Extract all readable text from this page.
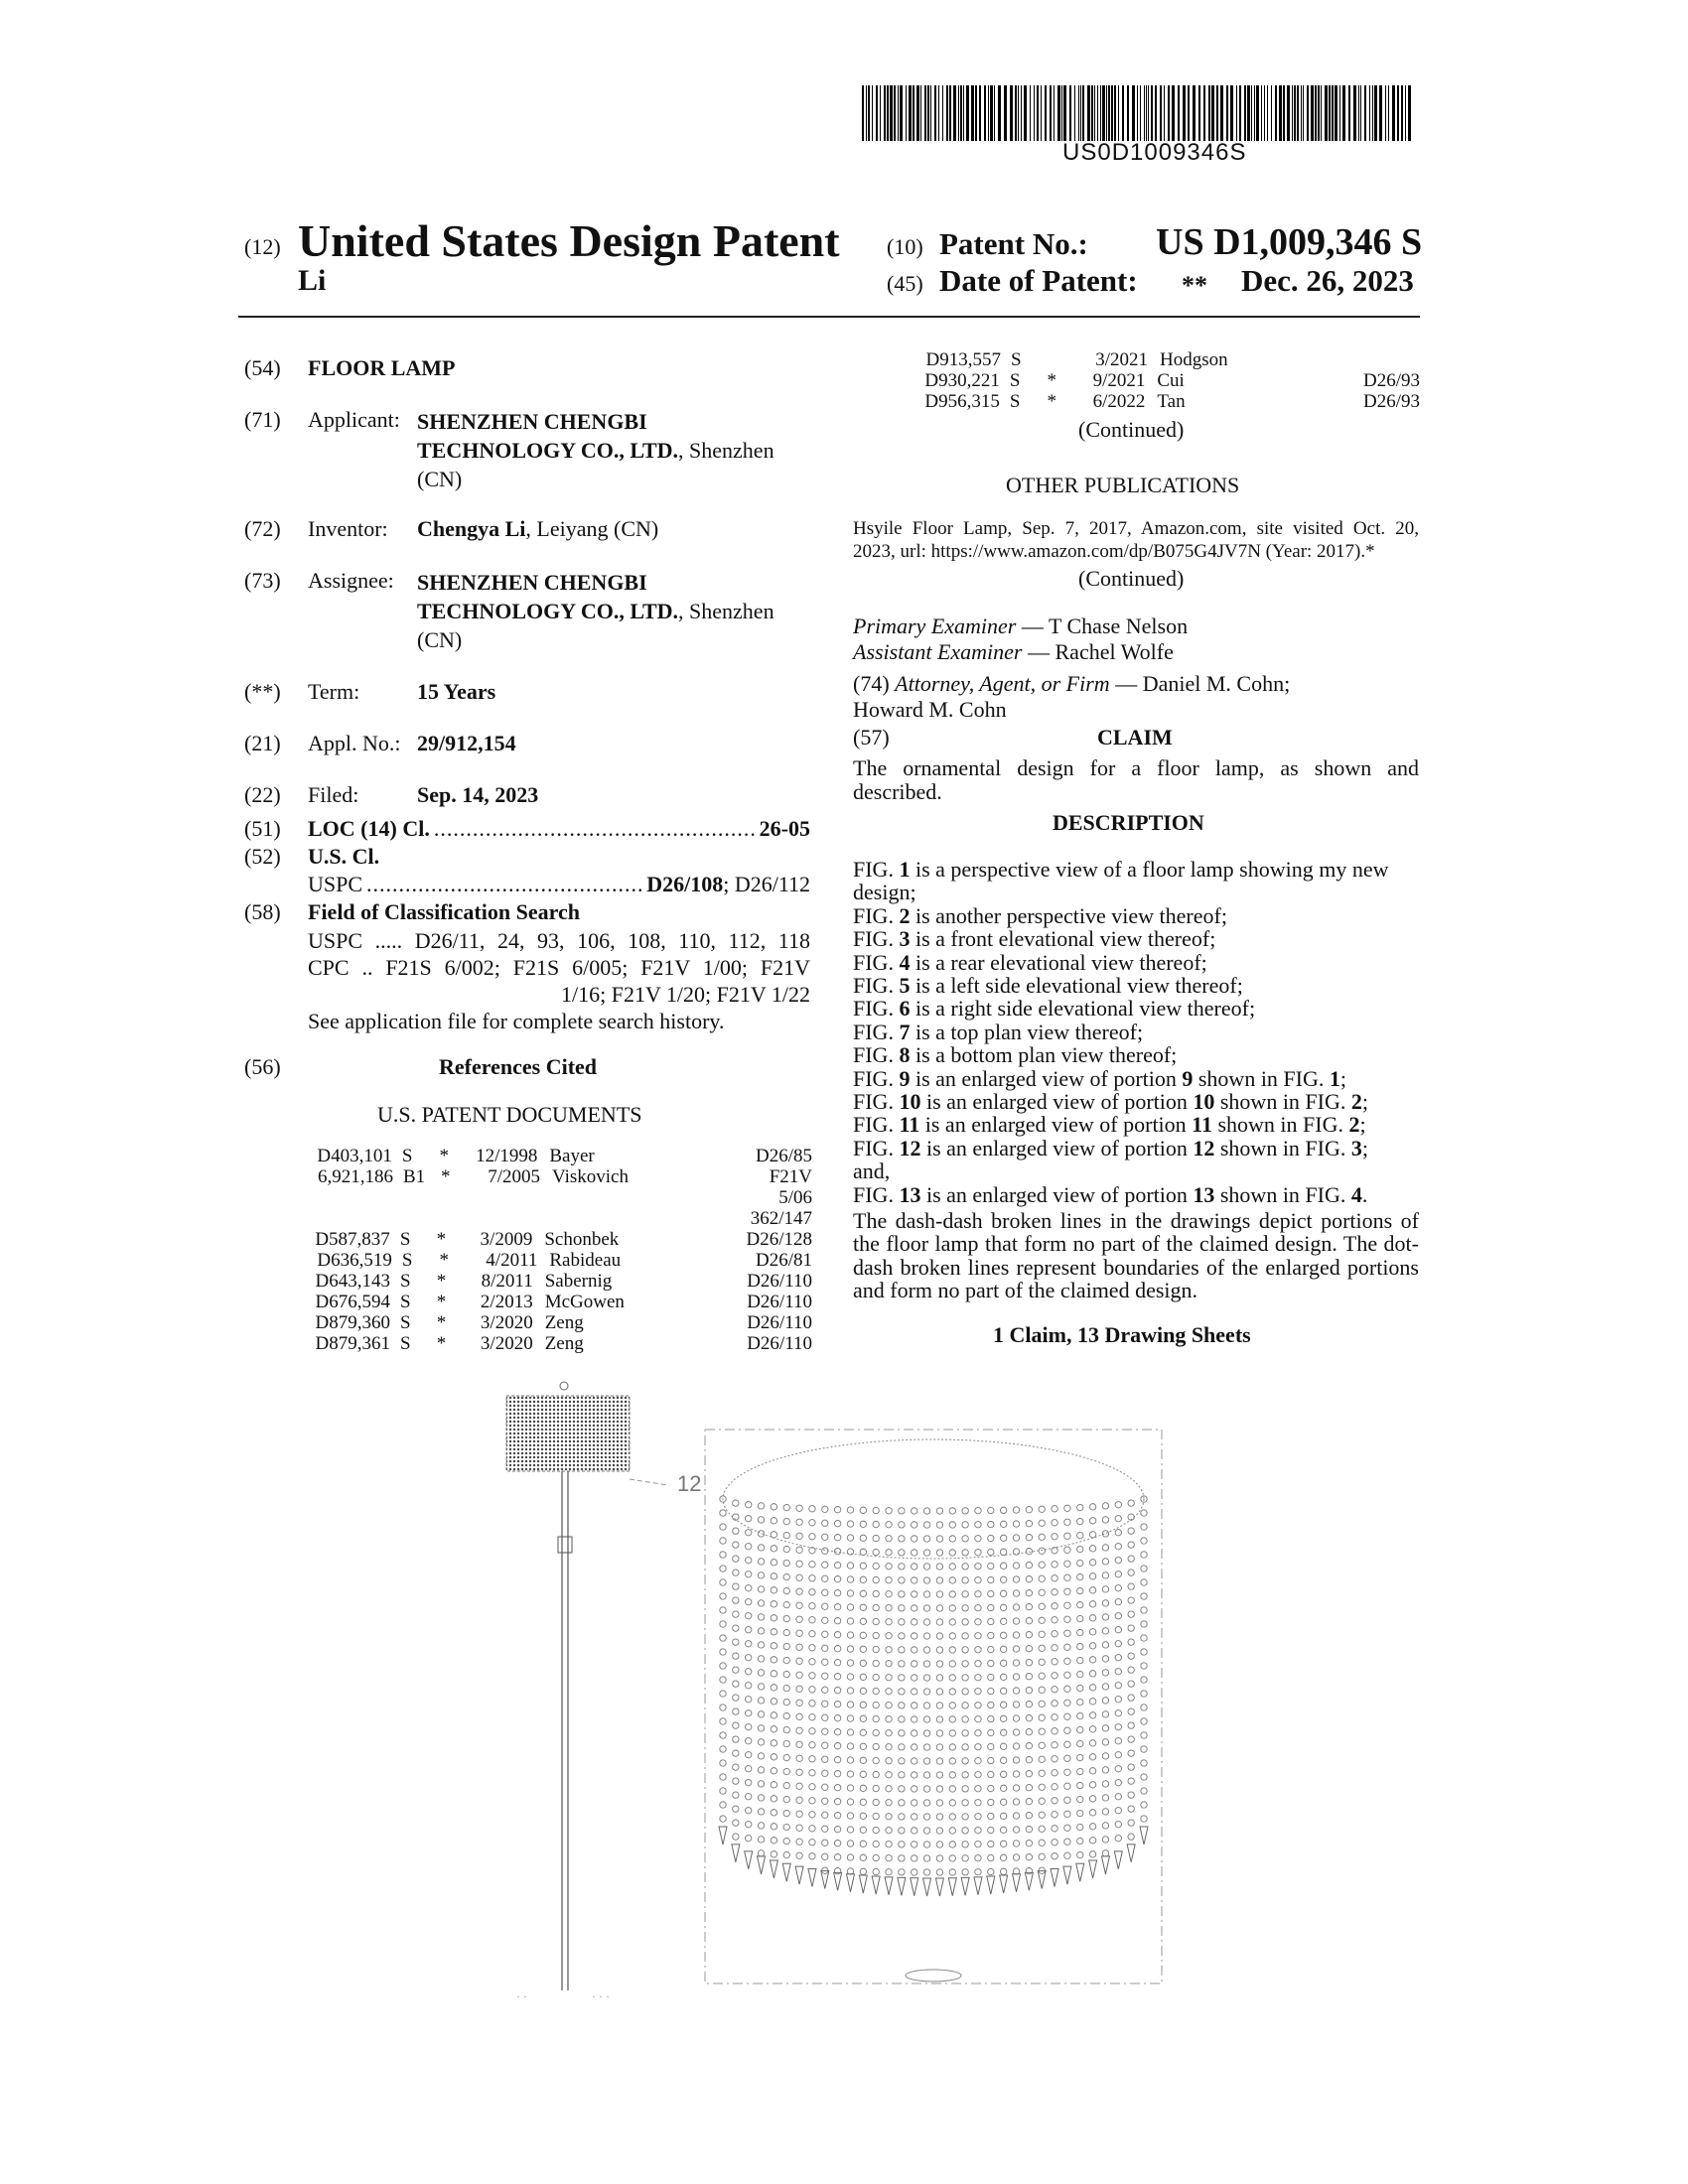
US0D1009346S
(12) United States Design Patent
Li
(10) Patent No.: US D1,009,346 S
(45) Date of Patent: ** Dec. 26, 2023
(54) FLOOR LAMP
(71) Applicant: SHENZHEN CHENGBI
TECHNOLOGY CO., LTD., Shenzhen
(CN)
(72) Inventor: Chengya Li, Leiyang (CN)
(73) Assignee: SHENZHEN CHENGBI
TECHNOLOGY CO., LTD., Shenzhen
(CN)
(**) Term:	15 Years
(21) Appl. No.: 29/912,154
(22) Filed:	Sep. 14, 2023
(51) LOC (14) Cl. .....	26-05
(52) U.S. Cl.
USPC .....	D26/108; D26/112
(58) Field of Classification Search
USPC ..... D26/11, 24, 93, 106, 108, 110, 112, 118
CPC .. F21S 6/002; F21S 6/005; F21V 1/00; F21V
1/16; F21V 1/20; F21V 1/22
See application file for complete search history.
(56)	References Cited
U.S. PATENT DOCUMENTS
D403,101 S	*	12/1998 Bayer	D26/85
6,921,186 B1 *	7/2005 Viskovich	F21V 5/06
362/147
D587,837 S	*	3/2009 Schonbek	D26/128
D636,519 S	*	4/2011 Rabideau	D26/81
D643,143 S	*	8/2011 Sabernig	D26/110
D676,594 S	*	2/2013 McGowen	D26/110
D879,360 S	*	3/2020 Zeng	D26/110
D879,361 S	*	3/2020 Zeng	D26/110
D913,557 S	3/2021 Hodgson
D930,221 S	*	9/2021 Cui	D26/93
D956,315 S	*	6/2022 Tan	D26/93
(Continued)
OTHER PUBLICATIONS
Hsyile Floor Lamp, Sep. 7, 2017, Amazon.com, site visited Oct. 20,
2023, url: https://www.amazon.com/dp/B075G4JV7N (Year: 2017).*
(Continued)
Primary Examiner — T Chase Nelson
Assistant Examiner — Rachel Wolfe
(74) Attorney, Agent, or Firm — Daniel M. Cohn;
Howard M. Cohn
(57)	CLAIM
The ornamental design for a floor lamp, as shown and
described.
DESCRIPTION

FIG. 1 is a perspective view of a floor lamp showing my new

design;

FIG. 2 is another perspective view thereof;

FIG. 3 is a front elevational view thereof;

FIG. 4 is a rear elevational view thereof;

FIG. 5 is a left side elevational view thereof;

FIG. 6 is a right side elevational view thereof;

FIG. 7 is a top plan view thereof;

FIG. 8 is a bottom plan view thereof;

FIG. 9 is an enlarged view of portion 9 shown in FIG. 1;

FIG. 10 is an enlarged view of portion 10 shown in FIG. 2;

FIG. 11 is an enlarged view of portion 11 shown in FIG. 2;

FIG. 12 is an enlarged view of portion 12 shown in FIG. 3;

and,

FIG. 13 is an enlarged view of portion 13 shown in FIG. 4.

The dash-dash broken lines in the drawings depict portions of the floor lamp that form no part of the claimed design. The dot-dash broken lines represent boundaries of the enlarged portions and form no part of the claimed design.
1 Claim, 13 Drawing Sheets
12
· ·	· · ·
